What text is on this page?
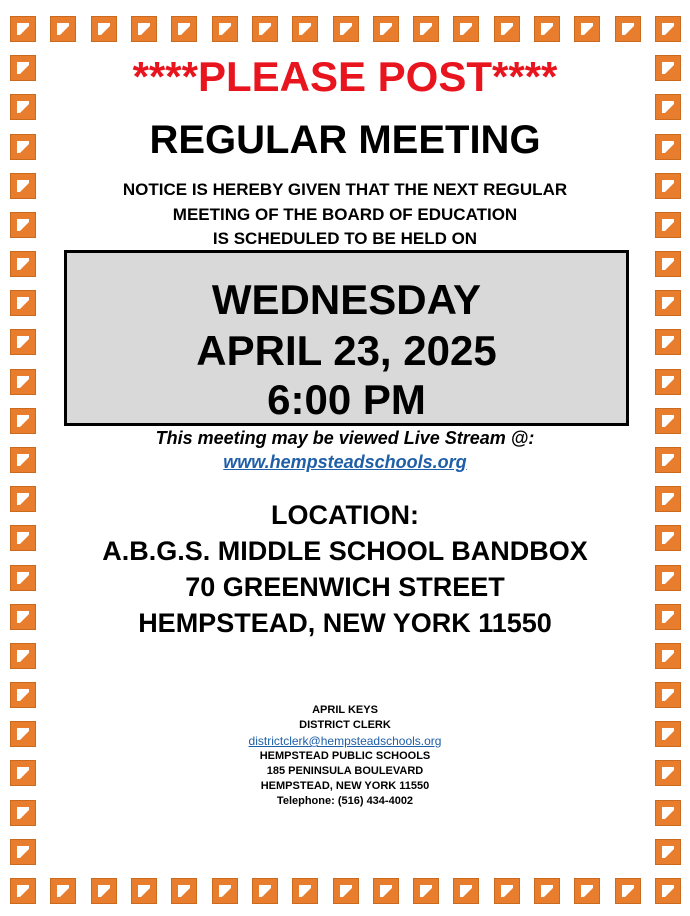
****PLEASE POST****
REGULAR MEETING
NOTICE IS HEREBY GIVEN THAT THE NEXT REGULAR
MEETING OF THE BOARD OF EDUCATION
IS SCHEDULED TO BE HELD ON
WEDNESDAY
APRIL 23, 2025
6:00 PM
This meeting may be viewed Live Stream @:
www.hempsteadschools.org
LOCATION:
A.B.G.S. MIDDLE SCHOOL BANDBOX
70 GREENWICH STREET
HEMPSTEAD, NEW YORK 11550
APRIL KEYS
DISTRICT CLERK
districtclerk@hempsteadschools.org
HEMPSTEAD PUBLIC SCHOOLS
185 PENINSULA BOULEVARD
HEMPSTEAD, NEW YORK 11550
Telephone: (516) 434-4002
